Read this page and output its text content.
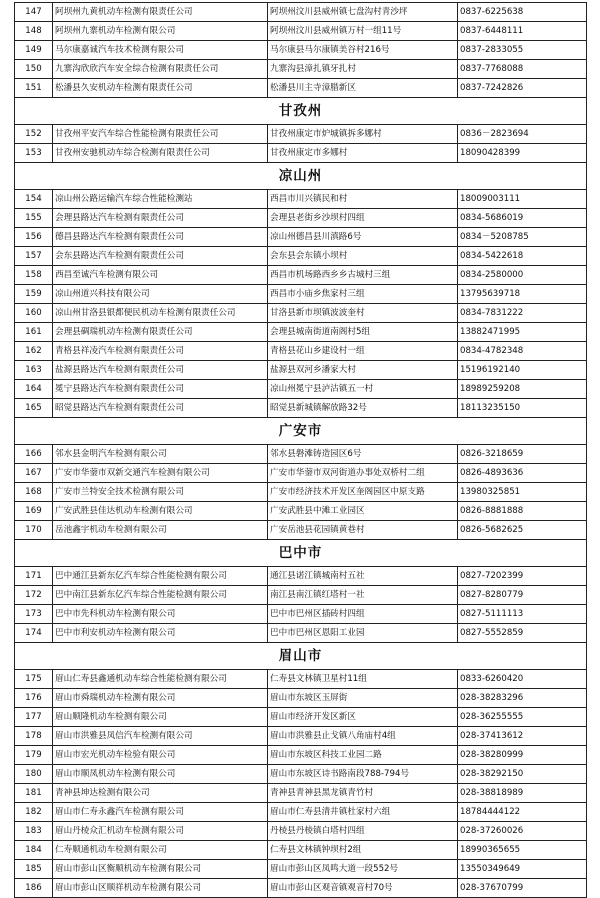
147	阿坝州九黄机动车检测有限责任公司	阿坝州汶川县威州镇七盘沟村青沙坪	0837-6225638
148	阿坝州九寨机动车检测有限公司	阿坝州汶川县威州镇万村一组11号	0837-6448111
149	马尔康嘉诚汽车技术检测有限公司	马尔康县马尔康镇美谷村216号	0837-2833055
150	九寨沟欣欣汽车安全综合检测有限责任公司	九寨沟县漳扎镇牙扎村	0837-7768088
151	松潘县久安机动车检测有限责任公司	松潘县川主寺漳腊新区	0837-7242826
甘孜州			
152	甘孜州平安汽车综合性能检测有限责任公司	甘孜州康定市炉城镇拆多娜村	0836－2823694
153	甘孜州安驰机动车综合检测有限责任公司	甘孜州康定市多娜村	18090428399
凉山州			
154	凉山州公路运输汽车综合性能检测站	西昌市川兴镇民和村	18009003111
155	会理县路达汽车检测有限责任公司	会理县老街乡沙坝村四组	0834-5686019
156	德昌县路达汽车检测有限责任公司	凉山州德昌县川滇路6号	0834－5208785
157	会东县路达汽车检测有限责任公司	会东县会东镇小坝村	0834-5422618
158	西昌至诚汽车检测有限公司	西昌市机场路西乡乡古城村三组	0834-2580000
159	凉山州道兴科技有限公司	西昌市小庙乡焦家村三组	13795639718
160	凉山州甘洛县银都便民机动车检测有限责任公司	甘洛县新市坝镇波波奎村	0834-7831222
161	会理县碉瑞机动车检测有限责任公司	会理县城南街道南阁村5组	13882471995
162	青格县祥凌汽车检测有限责任公司	青格县花山乡建设村一组	0834-4782348
163	盐源县路达汽车检测有限责任公司	盐源县双河乡潘家大村	15196192140
164	冕宁县路达汽车检测有限责任公司	凉山州冕宁县泸沽镇五一村	18989259208
165	昭觉县路达汽车检测有限责任公司	昭觉县新城镇解放路32号	18113235150
广安市			
166	邻水县金明汽车检测有限公司	邻水县磐滩铸造园区6号	0826-3218659
167	广安市华蓥市双新交通汽车检测有限公司	广安市华蓥市双河街道办事处双桥村二组	0826-4893636
168	广安市兰特安全技术检测有限公司	广安市经济技术开发区奎阁园区中原支路	13980325851
169	广安武胜县佳达机动车检测有限公司	广安武胜县中滩工业园区	0826-8881888
170	岳池鑫宇机动车检测有限公司	广安岳池县花园镇黄巷村	0826-5682625
巴中市			
171	巴中通江县新东亿汽车综合性能检测有限公司	通江县诺江镇城南村五社	0827-7202399
172	巴中南江县新东亿汽车综合性能检测有限公司	南江县南江镇红塔村一社	0827-8280779
173	巴中市先科机动车检测有限公司	巴中市巴州区插砖村四组	0827-5111113
174	巴中市利安机动车检测有限公司	巴中市巴州区恩阳工业园	0827-5552859
眉山市			
175	眉山仁寿县鑫通机动车综合性能检测有限公司	仁寿县文林镇卫星村11组	0833-6260420
176	眉山市舜瑞机动车检测有限公司	眉山市东坡区玉屏街	028-38283296
177	眉山顺隆机动车检测有限公司	眉山市经济开发区新区	028-36255555
178	眉山市洪雅县凤信汽车检测有限公司	眉山市洪雅县止戈镇八角庙村4组	028-37413612
179	眉山市宏光机动车检验有限公司	眉山市东坡区科技工业园二路	028-38280999
180	眉山市顺凤机动车检测有限公司	眉山市东坡区诗书路南段788-794号	028-38292150
181	青神县坤达检测有限公司	青神县青神县黑龙镇青竹村	028-38818989
182	眉山市仁寿永鑫汽车检测有限公司	眉山市仁寿县清井镇杜家村六组	18784444122
183	眉山丹棱众汇机动车检测有限公司	丹棱县丹棱镇白塔村四组	028-37260026
184	仁寿顺通机动车检测有限公司	仁寿县文林镇钟坝村2组	18990365655
185	眉山市彭山区衡顺机动车检测有限公司	眉山市彭山区凤鸣大道一段552号	13550349649
186	眉山市彭山区顺祥机动车检测有限公司	眉山市彭山区观音镇观音村70号	028-37670799
